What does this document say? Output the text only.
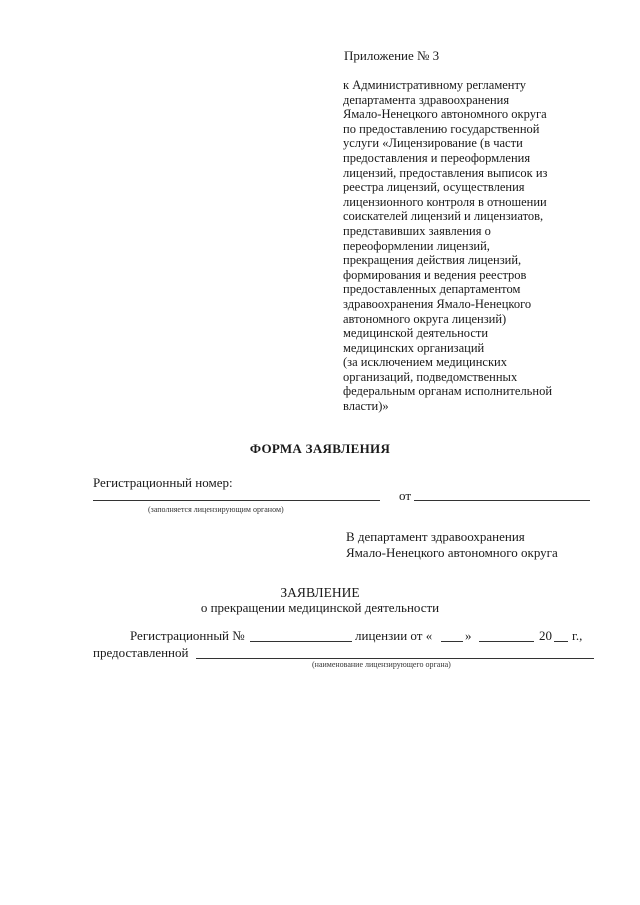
Приложение № 3
к Административному регламенту
департамента здравоохранения
Ямало-Ненецкого автономного округа
по предоставлению государственной
услуги «Лицензирование (в части
предоставления и переоформления
лицензий, предоставления выписок из
реестра лицензий, осуществления
лицензионного контроля в отношении
соискателей лицензий и лицензиатов,
представивших заявления о
переоформлении лицензий,
прекращения действия лицензий,
формирования и ведения реестров
предоставленных департаментом
здравоохранения Ямало-Ненецкого
автономного округа лицензий)
медицинской деятельности
медицинских организаций
(за исключением медицинских
организаций, подведомственных
федеральным органам исполнительной
власти)»
ФОРМА ЗАЯВЛЕНИЯ
Регистрационный номер:
от
(заполняется лицензирующим органом)
В департамент здравоохранения
Ямало-Ненецкого автономного округа
ЗАЯВЛЕНИЕ
о прекращении медицинской деятельности
Регистрационный №	лицензии от «	»	20 г.,
предоставленной
(наименование лицензирующего органа)
